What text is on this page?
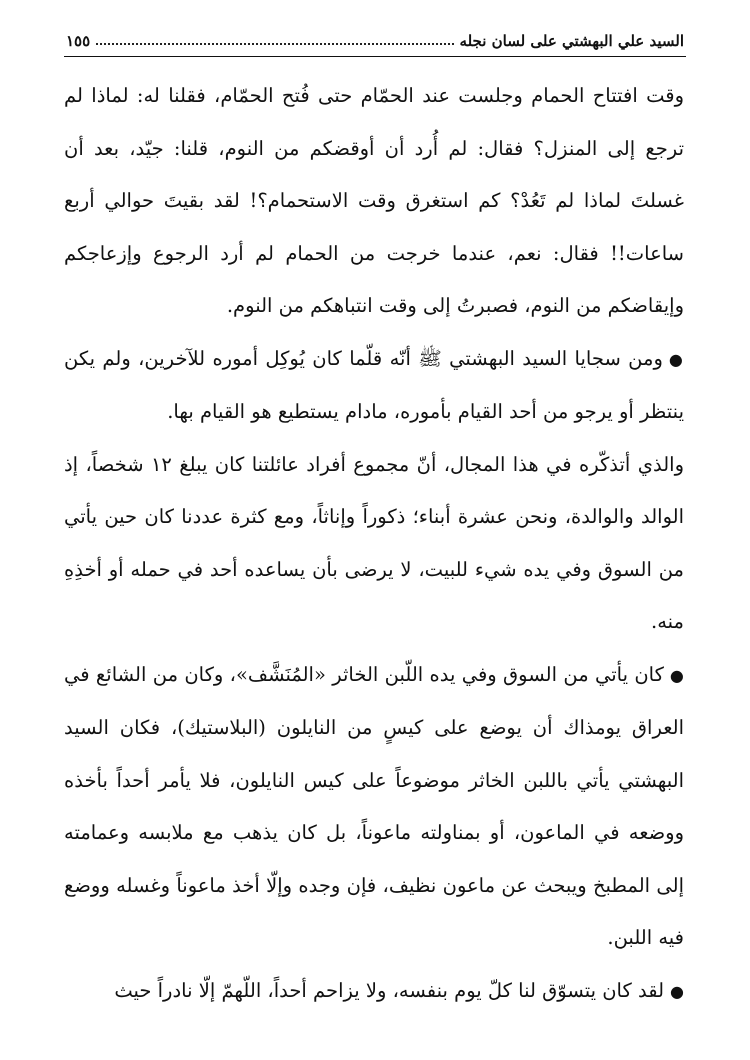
السيد علي البهشتي على لسان نجله
١٥٥

وقت افتتاح الحمام وجلست عند الحمّام حتى فُتح الحمّام، فقلنا له: لماذا لم ترجع إلى المنزل؟ فقال: لم أُرد أن أوقضكم من النوم، قلنا: جيّد، بعد أن غسلتَ لماذا لم تَعُدْ؟ كم استغرق وقت الاستحمام؟! لقد بقيتَ حوالي أربع ساعات!! فقال: نعم، عندما خرجت من الحمام لم أرد الرجوع وإزعاجكم وإيقاضكم من النوم، فصبرتُ إلى وقت انتباهكم من النوم.

●ومن سجايا السيد البهشتي ﷺ أنّه قلّما كان يُوكِل أموره للآخرين، ولم يكن ينتظر أو يرجو من أحد القيام بأموره، مادام يستطيع هو القيام بها.

والذي أتذكّره في هذا المجال، أنّ مجموع أفراد عائلتنا كان يبلغ ١٢ شخصاً، إذ الوالد والوالدة، ونحن عشرة أبناء؛ ذكوراً وإناثاً، ومع كثرة عددنا كان حين يأتي من السوق وفي يده شيء للبيت، لا يرضى بأن يساعده أحد في حمله أو أخذِهِ منه.

●كان يأتي من السوق وفي يده اللّبن الخاثر «المُنَشَّف»، وكان من الشائع في العراق يومذاك أن يوضع على كيسٍ من النايلون (البلاستيك)، فكان السيد البهشتي يأتي باللبن الخاثر موضوعاً على كيس النايلون، فلا يأمر أحداً بأخذه ووضعه في الماعون، أو بمناولته ماعوناً، بل كان يذهب مع ملابسه وعمامته إلى المطبخ ويبحث عن ماعون نظيف، فإن وجده وإلّا أخذ ماعوناً وغسله ووضع فيه اللبن.

●لقد كان يتسوّق لنا كلّ يوم بنفسه، ولا يزاحم أحداً، اللّهمّ إلّا نادراً حيث
